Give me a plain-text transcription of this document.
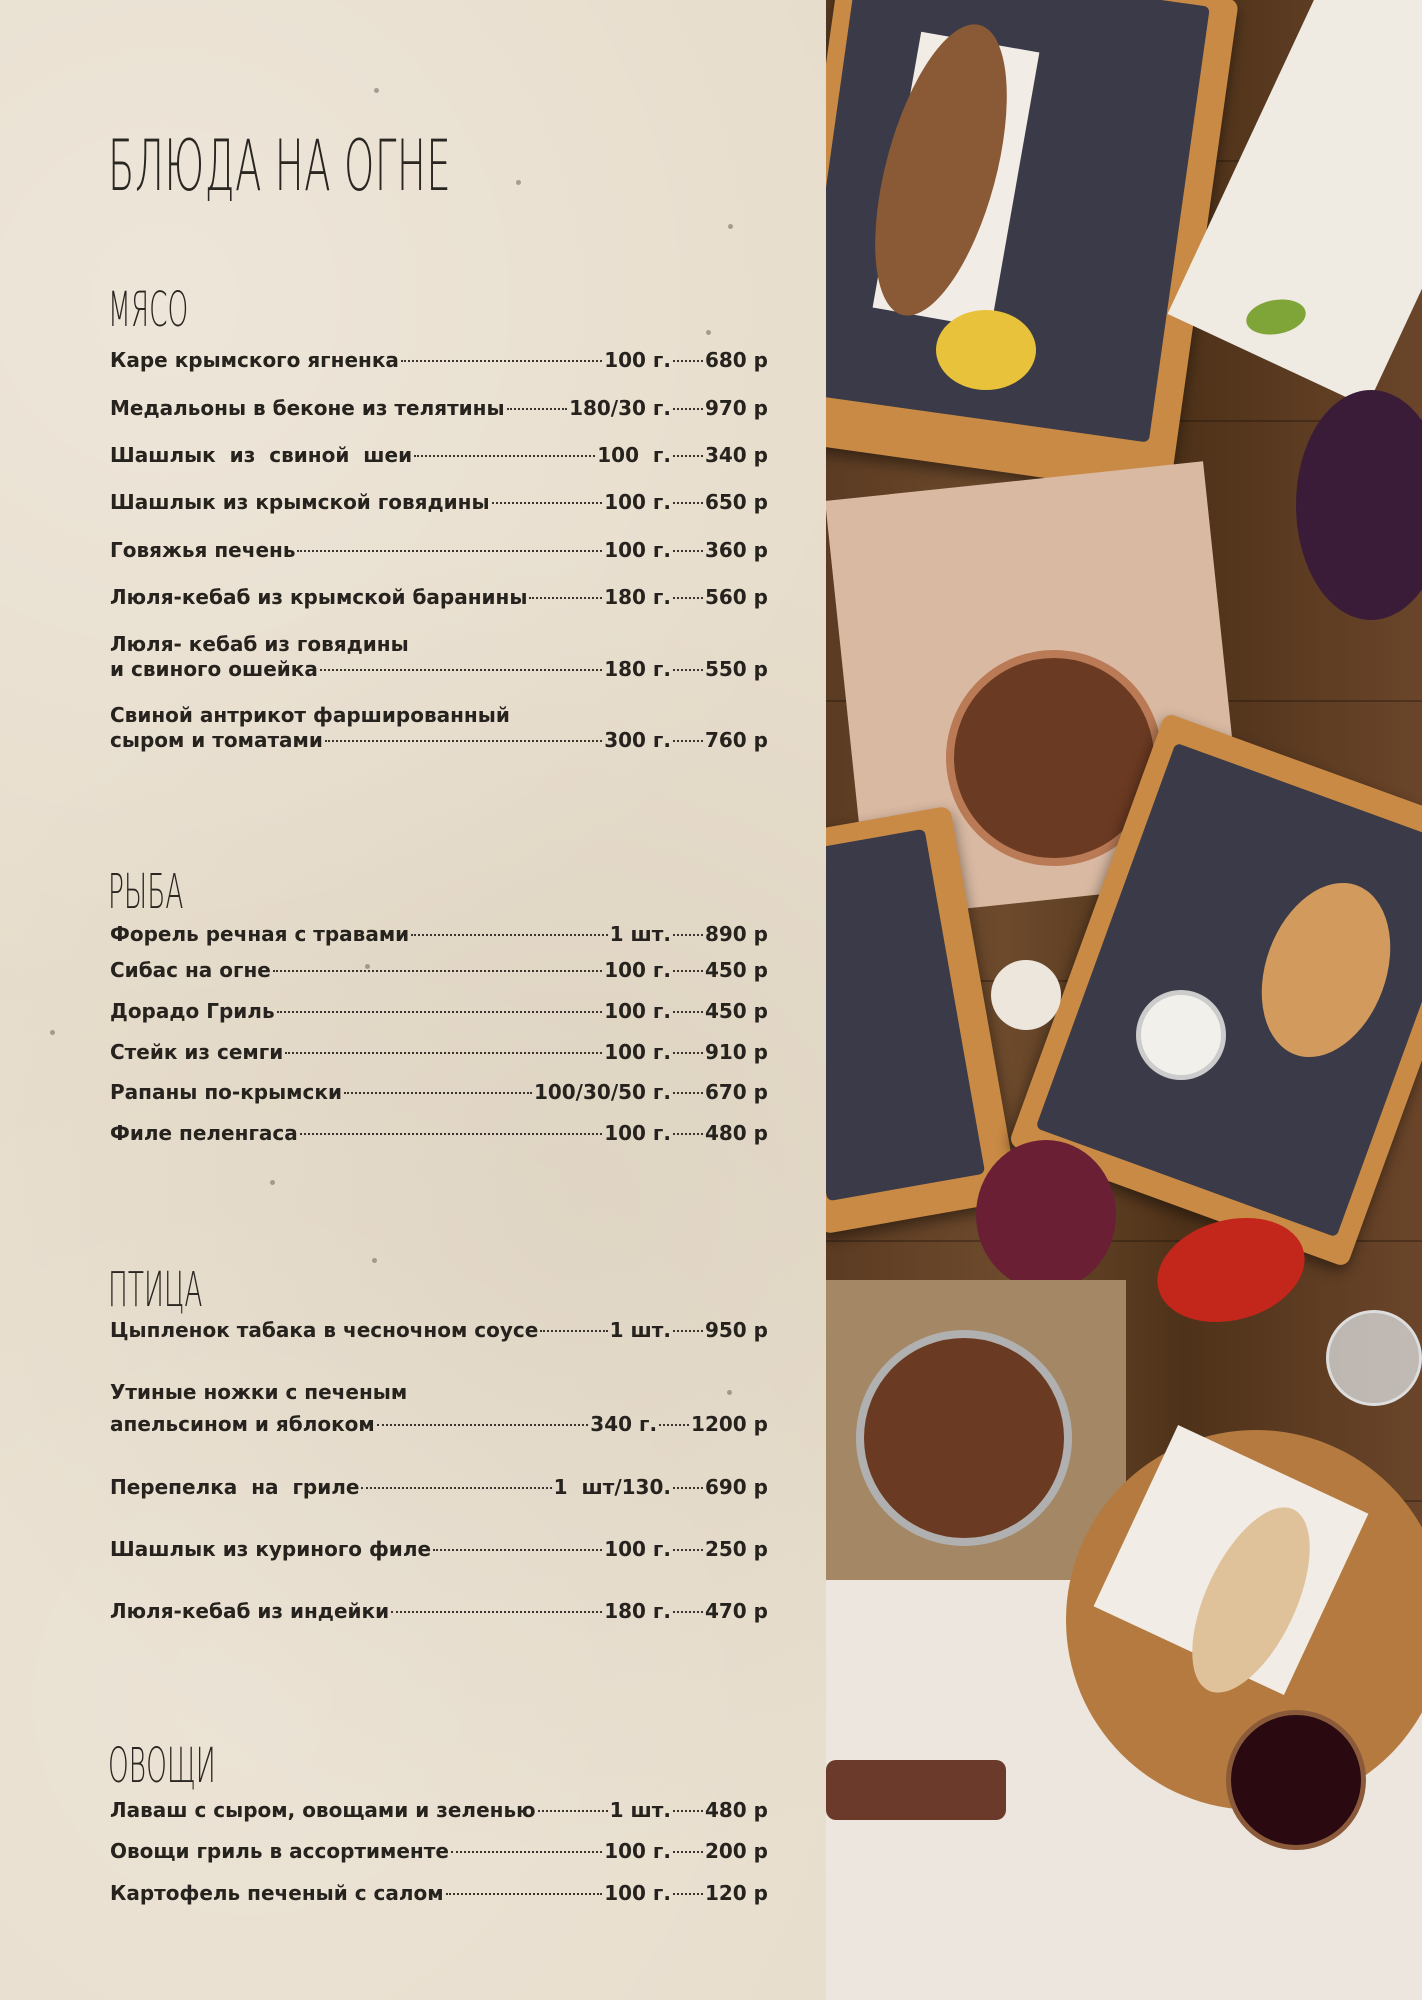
БЛЮДА НА ОГНЕ
МЯСО
Каре крымского ягненка	100 г. 680 р
Медальоны в беконе из телятины	180/30 г. 970 р
Шашлык  из  свиной  шеи	100  г. 340 р
Шашлык из крымской говядины	100 г. 650 р
Говяжья печень	100 г. 360 р
Люля-кебаб из крымской баранины	180 г. 560 р
Люля- кебаб из говядины
и свиного ошейка	180 г. 550 р
Свиной антрикот фаршированный
сыром и томатами	300 г. 760 р
РЫБА
Форель речная с травами	1 шт. 890 р
Сибас на огне	100 г. 450 р
Дорадо Гриль	100 г. 450 р
Стейк из семги	100 г. 910 р
Рапаны по-крымски	100/30/50 г. 670 р
Филе пеленгаса	100 г. 480 р
ПТИЦА
Цыпленок табака в чесночном соусе	1 шт. 950 р
Утиные ножки с печеным
апельсином и яблоком	340 г. 1200 р
Перепелка  на  гриле	1  шт/130. 690 р
Шашлык из куриного филе	100 г. 250 р
Люля-кебаб из индейки	180 г. 470 р
ОВОЩИ
Лаваш с сыром, овощами и зеленью	1 шт. 480 р
Овощи гриль в ассортименте	100 г. 200 р
Картофель печеный с салом	100 г. 120 р
